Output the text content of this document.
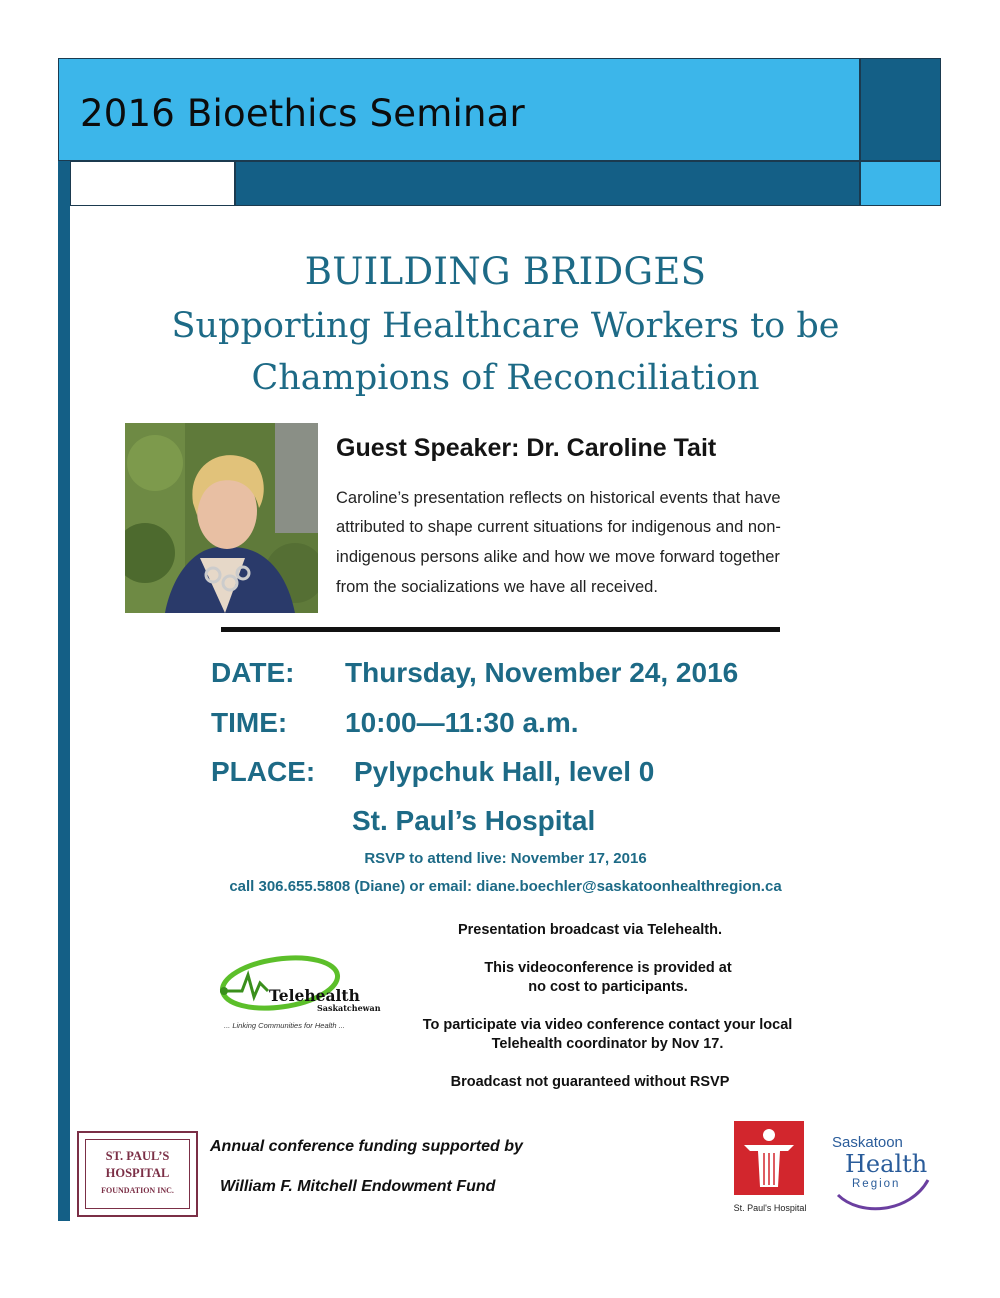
2016 Bioethics Seminar
BUILDING BRIDGES
Supporting Healthcare Workers to be
Champions of Reconciliation
Guest Speaker: Dr. Caroline Tait
Caroline’s presentation reflects on historical events that have
attributed to shape current situations for indigenous and non-
indigenous persons alike and how we move forward together
from the socializations we have all received.
DATE: Thursday, November 24, 2016
TIME: 10:00—11:30 a.m.
PLACE: Pylypchuk Hall, level 0
St. Paul’s Hospital
RSVP to attend live: November 17, 2016
call 306.655.5808 (Diane) or email: diane.boechler@saskatoonhealthregion.ca
Presentation broadcast via Telehealth.
This videoconference is provided at
no cost to participants.
To participate via video conference contact your local
Telehealth coordinator by Nov 17.
Broadcast not guaranteed without RSVP
Telehealth
Saskatchewan
... Linking Communities for Health ...
ST. PAUL’S
HOSPITAL
FOUNDATION INC.
Annual conference funding supported by
William F. Mitchell Endowment Fund
St. Paul's Hospital
Saskatoon
Health
Region
